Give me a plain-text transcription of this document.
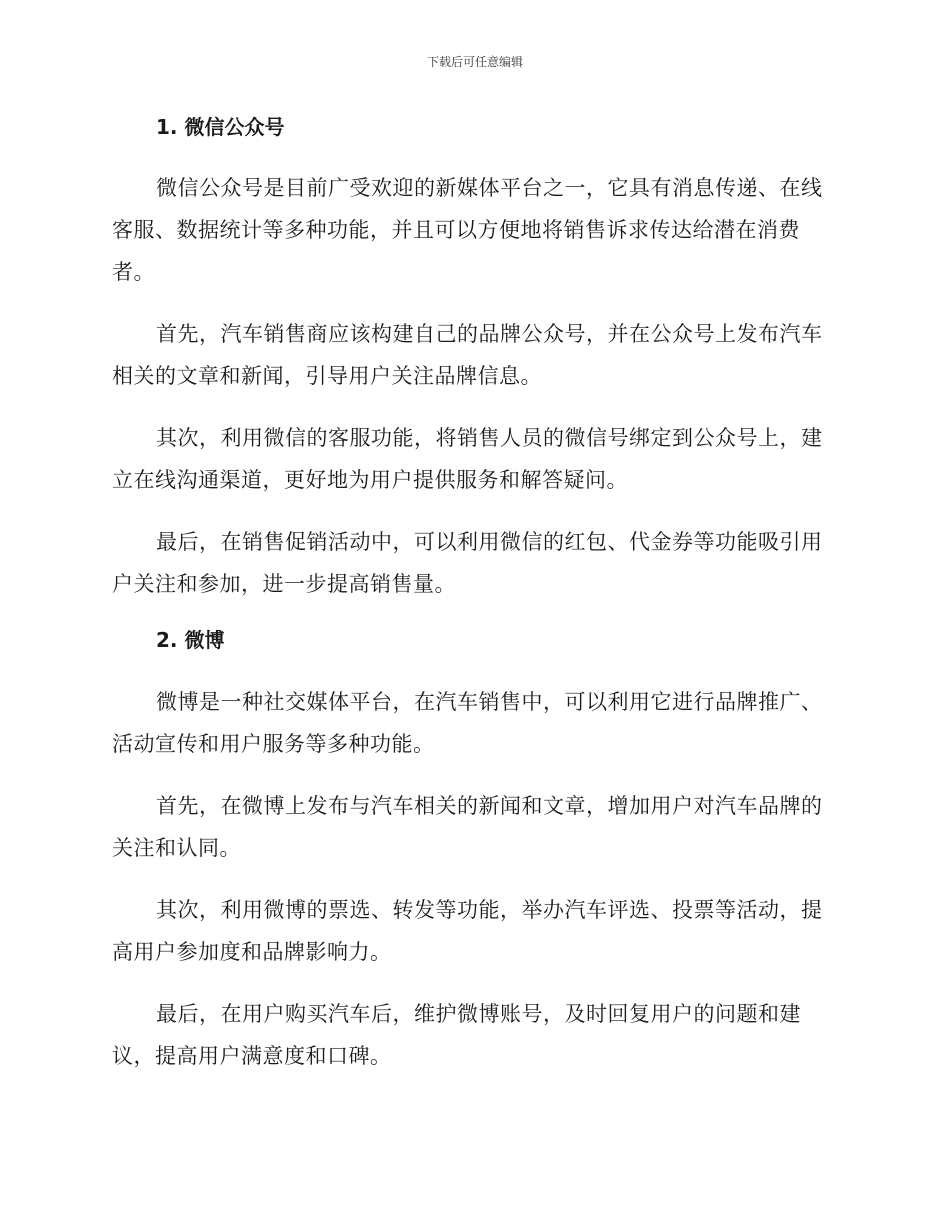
下载后可任意编辑
1. 微信公众号

微信公众号是目前广受欢迎的新媒体平台之一，它具有消息传递、在线客服、数据统计等多种功能，并且可以方便地将销售诉求传达给潜在消费者。

首先，汽车销售商应该构建自己的品牌公众号，并在公众号上发布汽车相关的文章和新闻，引导用户关注品牌信息。

其次，利用微信的客服功能，将销售人员的微信号绑定到公众号上，建立在线沟通渠道，更好地为用户提供服务和解答疑问。

最后，在销售促销活动中，可以利用微信的红包、代金券等功能吸引用户关注和参加，进一步提高销售量。

2. 微博

微博是一种社交媒体平台，在汽车销售中，可以利用它进行品牌推广、活动宣传和用户服务等多种功能。

首先，在微博上发布与汽车相关的新闻和文章，增加用户对汽车品牌的关注和认同。

其次，利用微博的票选、转发等功能，举办汽车评选、投票等活动，提高用户参加度和品牌影响力。

最后，在用户购买汽车后，维护微博账号，及时回复用户的问题和建议，提高用户满意度和口碑。
